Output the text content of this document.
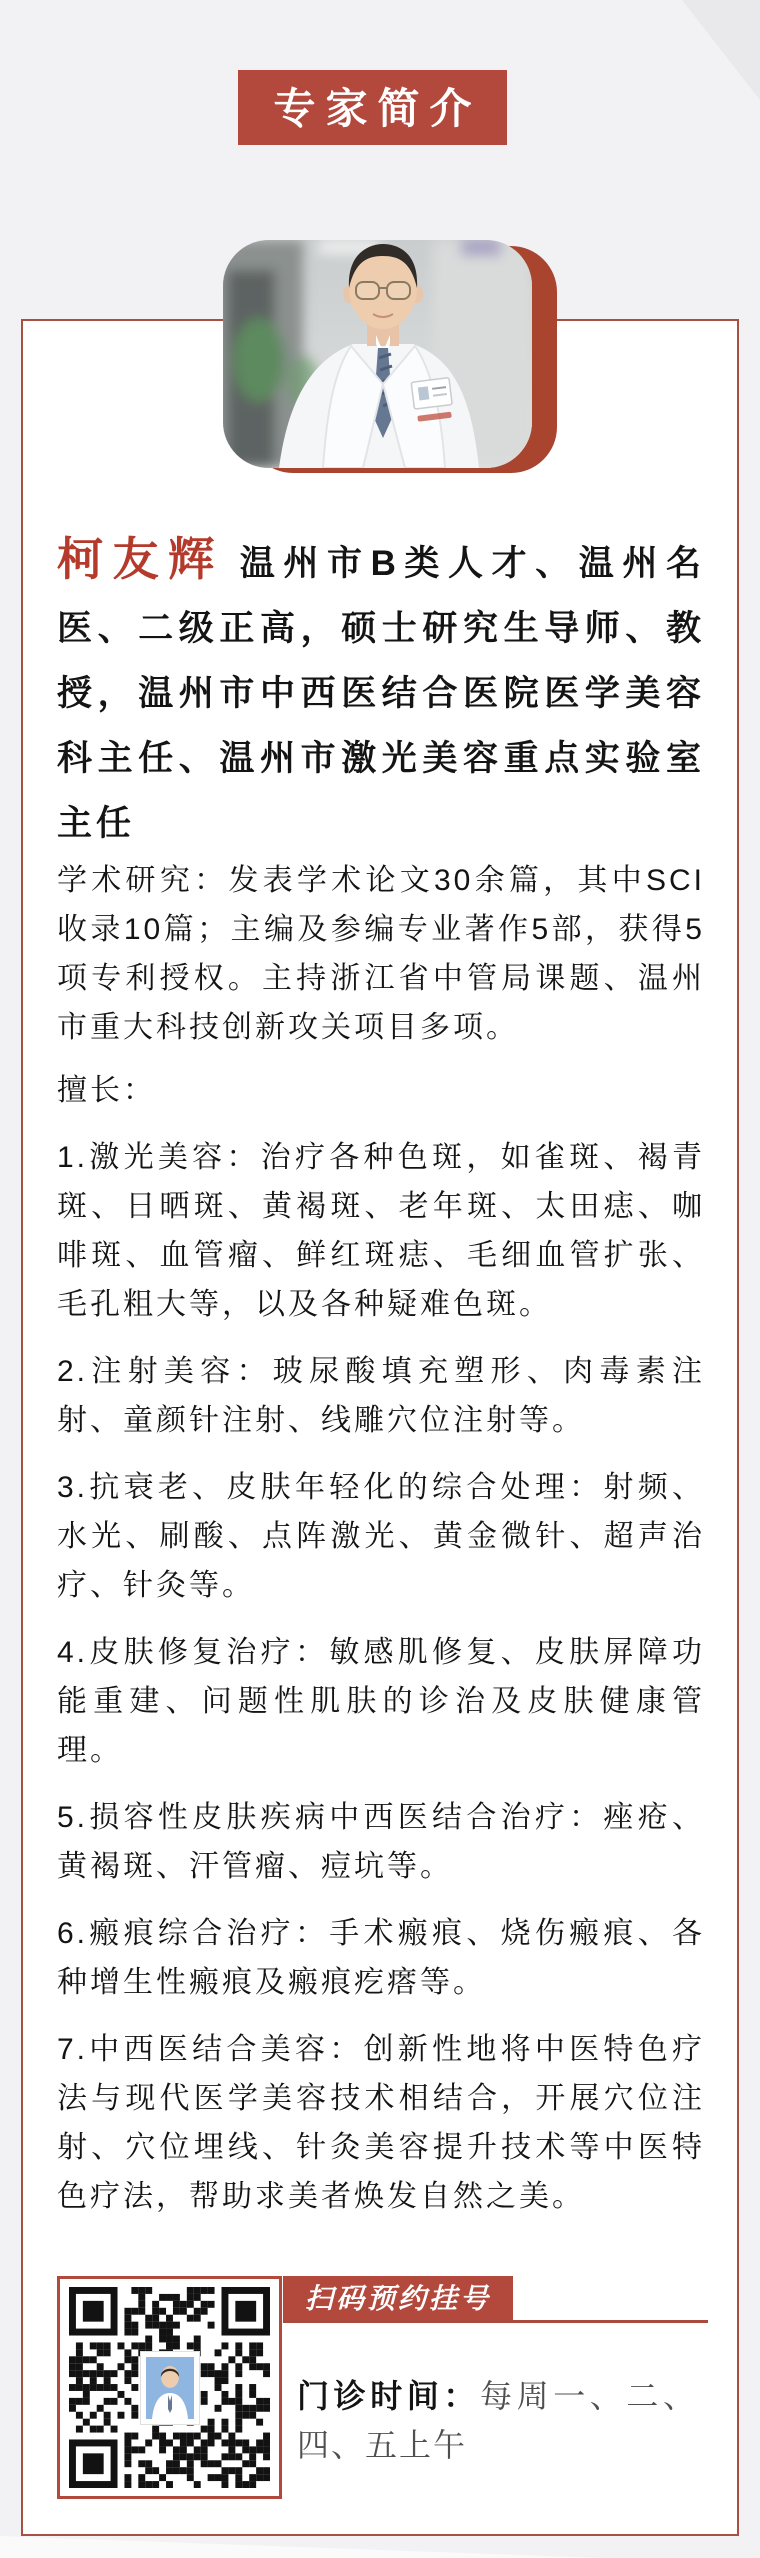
专家简介

柯友辉 温州市B类人才、温州名医、二级正高，硕士研究生导师、教授，温州市中西医结合医院医学美容科主任、温州市激光美容重点实验室主任

学术研究：发表学术论文30余篇，其中SCI收录10篇；主编及参编专业著作5部，获得5项专利授权。主持浙江省中管局课题、温州市重大科技创新攻关项目多项。

擅长：

1.激光美容：治疗各种色斑，如雀斑、褐青斑、日晒斑、黄褐斑、老年斑、太田痣、咖啡斑、血管瘤、鲜红斑痣、毛细血管扩张、毛孔粗大等，以及各种疑难色斑。

2.注射美容：玻尿酸填充塑形、肉毒素注射、童颜针注射、线雕穴位注射等。

3.抗衰老、皮肤年轻化的综合处理：射频、水光、刷酸、点阵激光、黄金微针、超声治疗、针灸等。

4.皮肤修复治疗：敏感肌修复、皮肤屏障功能重建、问题性肌肤的诊治及皮肤健康管理。

5.损容性皮肤疾病中西医结合治疗：痤疮、黄褐斑、汗管瘤、痘坑等。

6.瘢痕综合治疗：手术瘢痕、烧伤瘢痕、各种增生性瘢痕及瘢痕疙瘩等。

7.中西医结合美容：创新性地将中医特色疗法与现代医学美容技术相结合，开展穴位注射、穴位埋线、针灸美容提升技术等中医特色疗法，帮助求美者焕发自然之美。

扫码预约挂号

门诊时间：每周一、二、四、五上午
